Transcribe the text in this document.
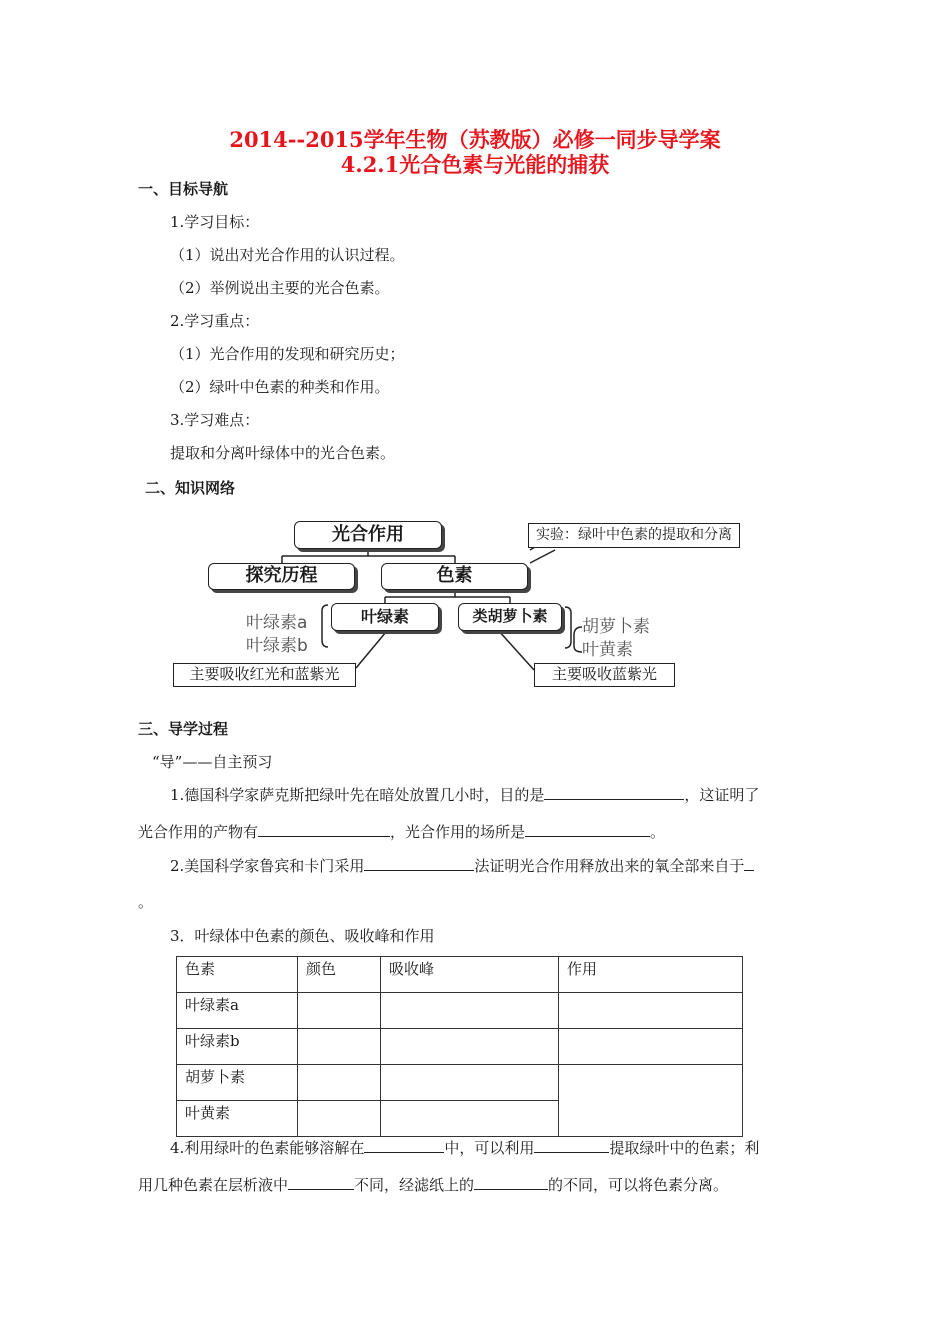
2014--2015学年生物（苏教版）必修一同步导学案
4.2.1光合色素与光能的捕获
一、目标导航
1.学习目标：
（1）说出对光合作用的认识过程。
（2）举例说出主要的光合色素。
2.学习重点：
（1）光合作用的发现和研究历史；
（2）绿叶中色素的种类和作用。
3.学习难点：
提取和分离叶绿体中的光合色素。
二、知识网络
光合作用	实验：绿叶中色素的提取和分离
探究历程	色素
叶绿素	类胡萝卜素
叶绿素a
叶绿素b
胡萝卜素
叶黄素
主要吸收红光和蓝紫光	主要吸收蓝紫光
三、导学过程
“导”——自主预习
1.德国科学家萨克斯把绿叶先在暗处放置几小时，目的是	，这证明了
光合作用的产物有	，光合作用的场所是	。
2.美国科学家鲁宾和卡门采用	法证明光合作用释放出来的氧全部来自于
。
3．叶绿体中色素的颜色、吸收峰和作用
色素	颜色	吸收峰	作用
叶绿素a			
叶绿素b			
胡萝卜素			
叶黄素			
4.利用绿叶的色素能够溶解在	中，可以利用	提取绿叶中的色素；利
用几种色素在层析液中	不同，经滤纸上的	的不同，可以将色素分离。
